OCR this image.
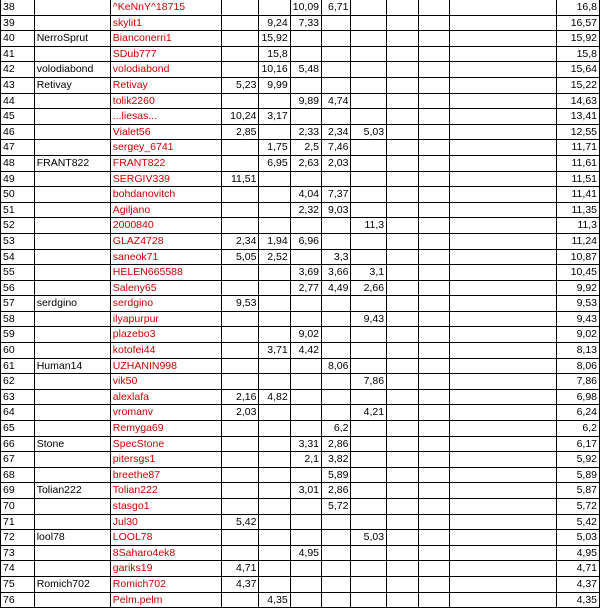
38		^KeNnY^18715			10,09	6,71					16,8
39		skylit1		9,24	7,33						16,57
40	NerroSprut	Bianconerri1		15,92							15,92
41		SDub777		15,8							15,8
42	volodiabond	volodiabond		10,16	5,48						15,64
43	Retivay	Retivay	5,23	9,99							15,22
44		tolik2260			9,89	4,74					14,63
45		...liesas...	10,24	3,17							13,41
46		Vialet56	2,85		2,33	2,34	5,03				12,55
47		sergey_6741		1,75	2,5	7,46					11,71
48	FRANT822	FRANT822		6,95	2,63	2,03					11,61
49		SERGIV339	11,51								11,51
50		bohdanovitch			4,04	7,37					11,41
51		Agiljano			2,32	9,03					11,35
52		2000840					11,3				11,3
53		GLAZ4728	2,34	1,94	6,96						11,24
54		saneok71	5,05	2,52		3,3					10,87
55		HELEN665588			3,69	3,66	3,1				10,45
56		Saleny65			2,77	4,49	2,66				9,92
57	serdgino	serdgino	9,53								9,53
58		ilyapurpur					9,43				9,43
59		plazebo3			9,02						9,02
60		kotofei44		3,71	4,42						8,13
61	Human14	UZHANIN998				8,06					8,06
62		vik50					7,86				7,86
63		alexlafa	2,16	4,82							6,98
64		vromanv	2,03				4,21				6,24
65		Remyga69				6,2					6,2
66	Stone	SpecStone			3,31	2,86					6,17
67		pitersgs1			2,1	3,82					5,92
68		breethe87				5,89					5,89
69	Tolian222	Tolian222			3,01	2,86					5,87
70		stasgo1				5,72					5,72
71		Jul30	5,42								5,42
72	lool78	LOOL78					5,03				5,03
73		8Saharo4ek8			4,95						4,95
74		gariks19	4,71								4,71
75	Romich702	Romich702	4,37								4,37
76		Pelm.pelm		4,35							4,35
